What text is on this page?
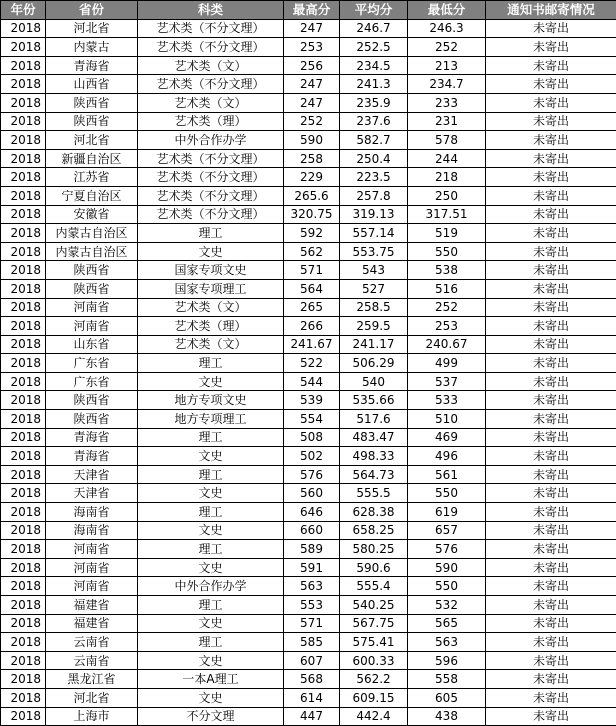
年份	省份	科类	最高分	平均分	最低分	通知书邮寄情况
2018	河北省	艺术类（不分文理）	247	246.7	246.3	未寄出
2018	内蒙古	艺术类（不分文理）	253	252.5	252	未寄出
2018	青海省	艺术类（文）	256	234.5	213	未寄出
2018	山西省	艺术类（不分文理）	247	241.3	234.7	未寄出
2018	陕西省	艺术类（文）	247	235.9	233	未寄出
2018	陕西省	艺术类（理）	252	237.6	231	未寄出
2018	河北省	中外合作办学	590	582.7	578	未寄出
2018	新疆自治区	艺术类（不分文理）	258	250.4	244	未寄出
2018	江苏省	艺术类（不分文理）	229	223.5	218	未寄出
2018	宁夏自治区	艺术类（不分文理）	265.6	257.8	250	未寄出
2018	安徽省	艺术类（不分文理）	320.75	319.13	317.51	未寄出
2018	内蒙古自治区	理工	592	557.14	519	未寄出
2018	内蒙古自治区	文史	562	553.75	550	未寄出
2018	陕西省	国家专项文史	571	543	538	未寄出
2018	陕西省	国家专项理工	564	527	516	未寄出
2018	河南省	艺术类（文）	265	258.5	252	未寄出
2018	河南省	艺术类（理）	266	259.5	253	未寄出
2018	山东省	艺术类（文）	241.67	241.17	240.67	未寄出
2018	广东省	理工	522	506.29	499	未寄出
2018	广东省	文史	544	540	537	未寄出
2018	陕西省	地方专项文史	539	535.66	533	未寄出
2018	陕西省	地方专项理工	554	517.6	510	未寄出
2018	青海省	理工	508	483.47	469	未寄出
2018	青海省	文史	502	498.33	496	未寄出
2018	天津省	理工	576	564.73	561	未寄出
2018	天津省	文史	560	555.5	550	未寄出
2018	海南省	理工	646	628.38	619	未寄出
2018	海南省	文史	660	658.25	657	未寄出
2018	河南省	理工	589	580.25	576	未寄出
2018	河南省	文史	591	590.6	590	未寄出
2018	河南省	中外合作办学	563	555.4	550	未寄出
2018	福建省	理工	553	540.25	532	未寄出
2018	福建省	文史	571	567.75	565	未寄出
2018	云南省	理工	585	575.41	563	未寄出
2018	云南省	文史	607	600.33	596	未寄出
2018	黑龙江省	一本A理工	568	562.2	558	未寄出
2018	河北省	文史	614	609.15	605	未寄出
2018	上海市	不分文理	447	442.4	438	未寄出
